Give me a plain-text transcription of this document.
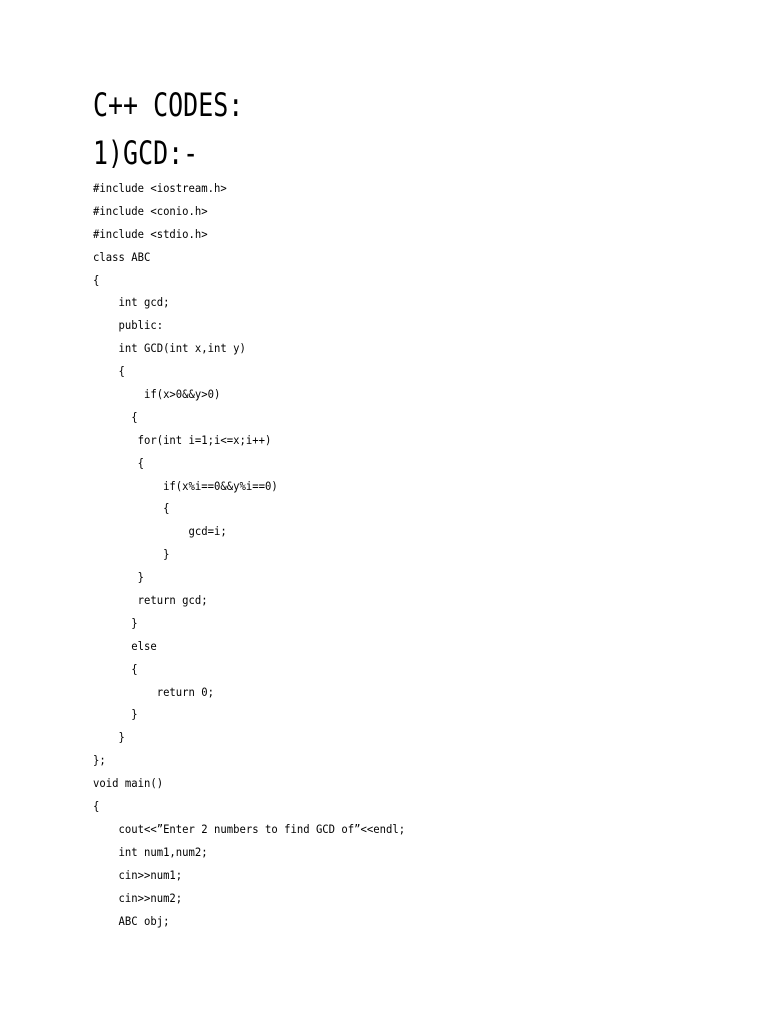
C++ CODES:
1)GCD:-
#include <iostream.h>
#include <conio.h>
#include <stdio.h>
class ABC
{
int gcd;
public:
int GCD(int x,int y)
{
if(x>0&&y>0)
{
for(int i=1;i<=x;i++)
{
if(x%i==0&&y%i==0)
{
gcd=i;
}
}
return gcd;
}
else
{
return 0;
}
}
};
void main()
{
cout<<”Enter 2 numbers to find GCD of”<<endl;
int num1,num2;
cin>>num1;
cin>>num2;
ABC obj;
